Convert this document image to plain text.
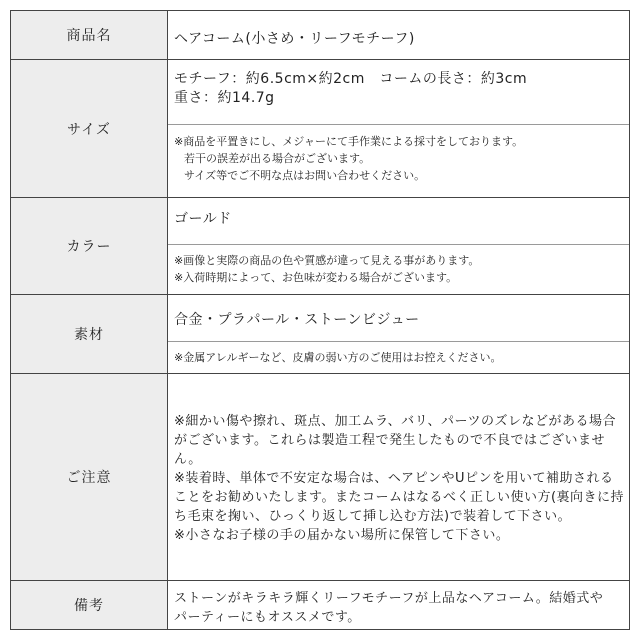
商品名	ヘアコーム(小さめ・リーフモチーフ)
サイズ
モチーフ：約6.5cm×約2cm　コームの長さ：約3cm
重さ：約14.7g
※商品を平置きにし、メジャーにて手作業による採寸をしております。
若干の誤差が出る場合がございます。
サイズ等でご不明な点はお問い合わせください。
カラー
ゴールド
※画像と実際の商品の色や質感が違って見える事があります。
※入荷時期によって、お色味が変わる場合がございます。
素材
合金・プラパール・ストーンビジュー
※金属アレルギーなど、皮膚の弱い方のご使用はお控えください。
ご注意
※細かい傷や擦れ、斑点、加工ムラ、バリ、パーツのズレなどがある場合
がございます。これらは製造工程で発生したもので不良ではございませ
ん。
※装着時、単体で不安定な場合は、ヘアピンやUピンを用いて補助される
ことをお勧めいたします。またコームはなるべく正しい使い方(裏向きに持
ち毛束を掬い、ひっくり返して挿し込む方法)で装着して下さい。
※小さなお子様の手の届かない場所に保管して下さい。
備考	ストーンがキラキラ輝くリーフモチーフが上品なヘアコーム。結婚式や
パーティーにもオススメです。
